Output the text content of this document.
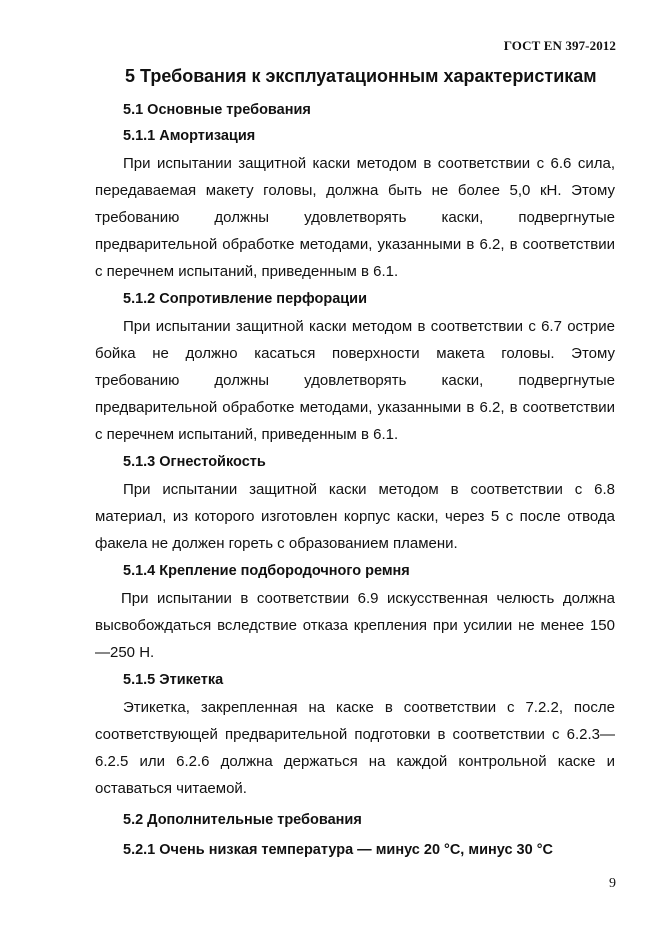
ГОСТ EN 397-2012
5 Требования к эксплуатационным характеристикам
5.1 Основные требования
5.1.1 Амортизация

При испытании защитной каски методом в соответствии с 6.6 сила, передаваемая макету головы, должна быть не более 5,0 кН. Этому требованию должны удовлетворять каски, подвергнутые предварительной обработке методами, указанными в 6.2, в соответствии с перечнем испытаний, приведенным в 6.1.

5.1.2 Сопротивление перфорации

При испытании защитной каски методом в соответствии с 6.7 острие бойка не должно касаться поверхности макета головы. Этому требованию должны удовлетворять каски, подвергнутые предварительной обработке методами, указанными в 6.2, в соответствии с перечнем испытаний, приведенным в 6.1.

5.1.3 Огнестойкость

При испытании защитной каски методом в соответствии с 6.8 материал, из которого изготовлен корпус каски, через 5 с после отвода факела не должен гореть с образованием пламени.

5.1.4 Крепление подбородочного ремня

При испытании в соответствии 6.9 искусственная челюсть должна высвобождаться вследствие отказа крепления при усилии не менее 150—250 Н.

5.1.5 Этикетка

Этикетка, закрепленная на каске в соответствии с 7.2.2, после соответствующей предварительной подготовки в соответствии с 6.2.3—6.2.5 или 6.2.6 должна держаться на каждой контрольной каске и оставаться читаемой.

5.2 Дополнительные требования
5.2.1 Очень низкая температура — минус 20 °С, минус 30 °С
9
